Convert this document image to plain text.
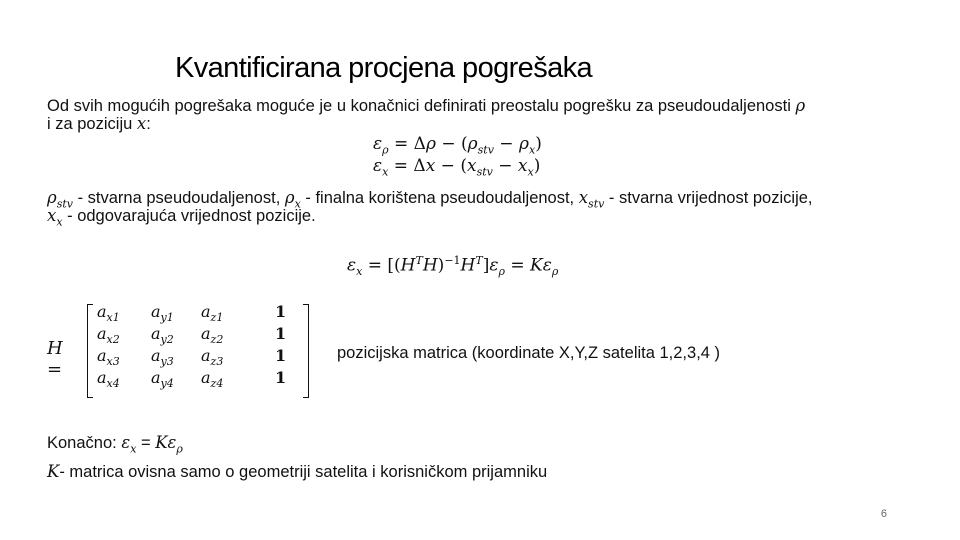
Kvantificirana procjena pogrešaka
Od svih mogućih pogrešaka moguće je u konačnici definirati preostalu pogrešku za pseudoudaljenosti ρ
i za poziciju x:
$\varepsilon_\rho = \Delta\rho - (\rho_{stv} - \rho_x)$
$\varepsilon_x = \Delta x - (x_{stv} - x_x)$
$\rho_{stv}$ - stvarna pseudoudaljenost, $\rho_x$ - finalna korištena pseudoudaljenost, $x_{stv}$ - stvarna vrijednost pozicije,
$x_x$ - odgovarajuća vrijednost pozicije.
$\varepsilon_x = [(H^TH)^{-1}H^T]\varepsilon_\rho = K\varepsilon_\rho$
H =
$a_{x1}$ $a_{y1}$ $a_{z1}$	1
$a_{x2}$ $a_{y2}$ $a_{z2}$	1
$a_{x3}$ $a_{y3}$ $a_{z3}$	1
$a_{x4}$ $a_{y4}$ $a_{z4}$	1
pozicijska matrica (koordinate X,Y,Z satelita 1,2,3,4 )
Konačno: $\varepsilon_x = K\varepsilon_\rho$
K- matrica ovisna samo o geometriji satelita i korisničkom prijamniku
6
